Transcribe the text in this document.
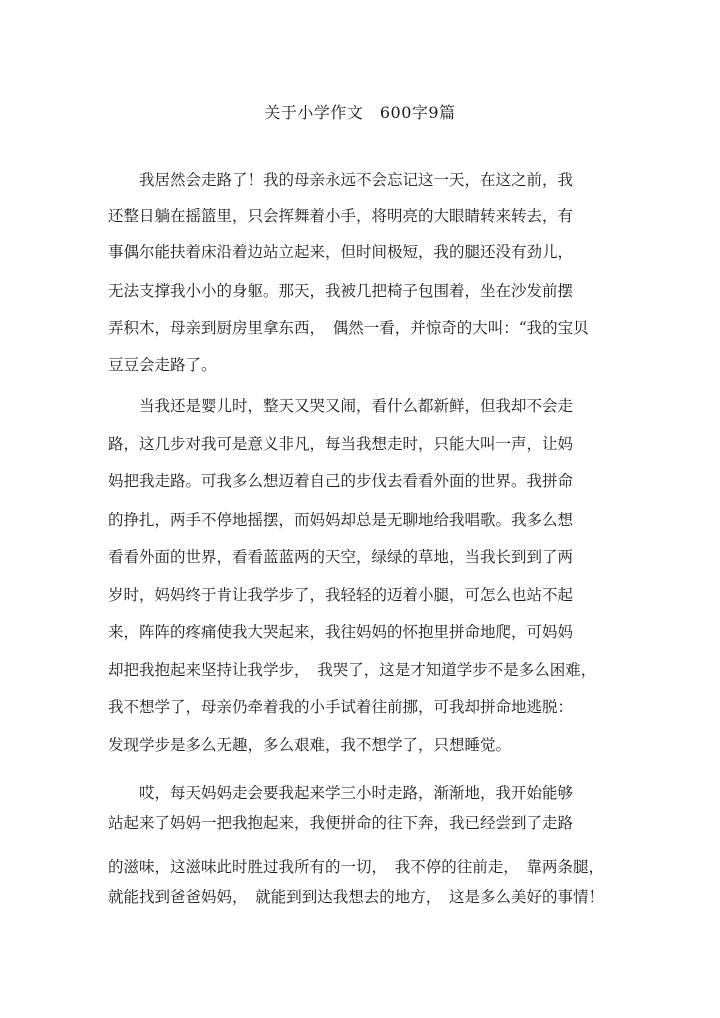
关于小学作文　600字9篇
我居然会走路了！我的母亲永远不会忘记这一天，在这之前，我
还整日躺在摇篮里，只会挥舞着小手，将明亮的大眼睛转来转去，有
事偶尔能扶着床沿着边站立起来，但时间极短，我的腿还没有劲儿，
无法支撑我小小的身躯。那天，我被几把椅子包围着，坐在沙发前摆
弄积木，母亲到厨房里拿东西，　偶然一看，并惊奇的大叫：“我的宝贝
豆豆会走路了。
当我还是婴儿时，整天又哭又闹，看什么都新鲜，但我却不会走
路，这几步对我可是意义非凡，每当我想走时，只能大叫一声，让妈
妈把我走路。可我多么想迈着自己的步伐去看看外面的世界。我拼命
的挣扎，两手不停地摇摆，而妈妈却总是无聊地给我唱歌。我多么想
看看外面的世界，看看蓝蓝两的天空，绿绿的草地，当我长到到了两
岁时，妈妈终于肯让我学步了，我轻轻的迈着小腿，可怎么也站不起
来，阵阵的疼痛使我大哭起来，我往妈妈的怀抱里拼命地爬，可妈妈
却把我抱起来坚持让我学步，　我哭了，这是才知道学步不是多么困难，
我不想学了，母亲仍牵着我的小手试着往前挪，可我却拼命地逃脱：
发现学步是多么无趣，多么艰难，我不想学了，只想睡觉。
哎，每天妈妈走会要我起来学三小时走路，渐渐地，我开始能够
站起来了妈妈一把我抱起来，我便拼命的往下奔，我已经尝到了走路
的滋味，这滋味此时胜过我所有的一切，　我不停的往前走，　靠两条腿，
就能找到爸爸妈妈，　就能到到达我想去的地方，　这是多么美好的事情！
